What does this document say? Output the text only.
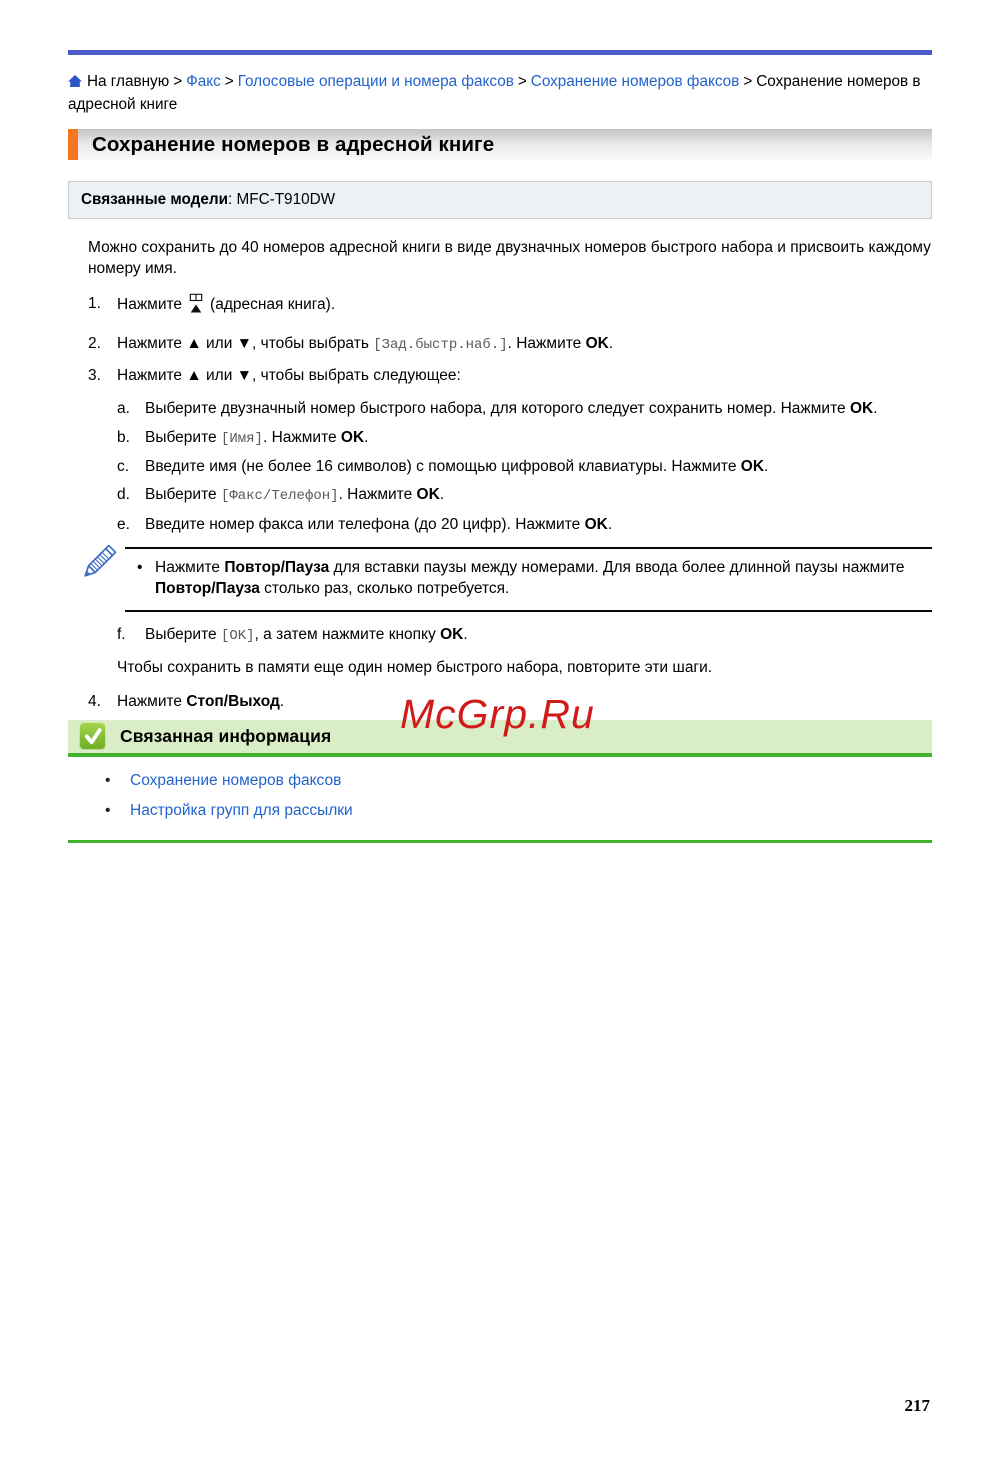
На главную > Факс > Голосовые операции и номера факсов > Сохранение номеров факсов > Сохранение номеров в адресной книге
Сохранение номеров в адресной книге
Связанные модели: MFC-T910DW

Можно сохранить до 40 номеров адресной книги в виде двузначных номеров быстрого набора и присвоить каждому номеру имя.

1.	Нажмите (адресная книга).
2.	Нажмите ▲ или ▼, чтобы выбрать [Зад.быстр.наб.]. Нажмите OK.
3.	Нажмите ▲ или ▼, чтобы выбрать следующее:
a. Выберите двузначный номер быстрого набора, для которого следует сохранить номер. Нажмите OK.
b. Выберите [Имя]. Нажмите OK.
c.	Введите имя (не более 16 символов) с помощью цифровой клавиатуры. Нажмите OK.
d. Выберите [Факс/Телефон]. Нажмите OK.
e. Введите номер факса или телефона (до 20 цифр). Нажмите OK.
• Нажмите Повтор/Пауза для вставки паузы между номерами. Для ввода более длинной паузы нажмите Повтор/Пауза столько раз, сколько потребуется.
f.	Выберите [OK], а затем нажмите кнопку OK.

Чтобы сохранить в памяти еще один номер быстрого набора, повторите эти шаги.

4.	Нажмите Стоп/Выход.
Связанная информация McGrp.Ru
•	Сохранение номеров факсов
•	Настройка групп для рассылки
217
